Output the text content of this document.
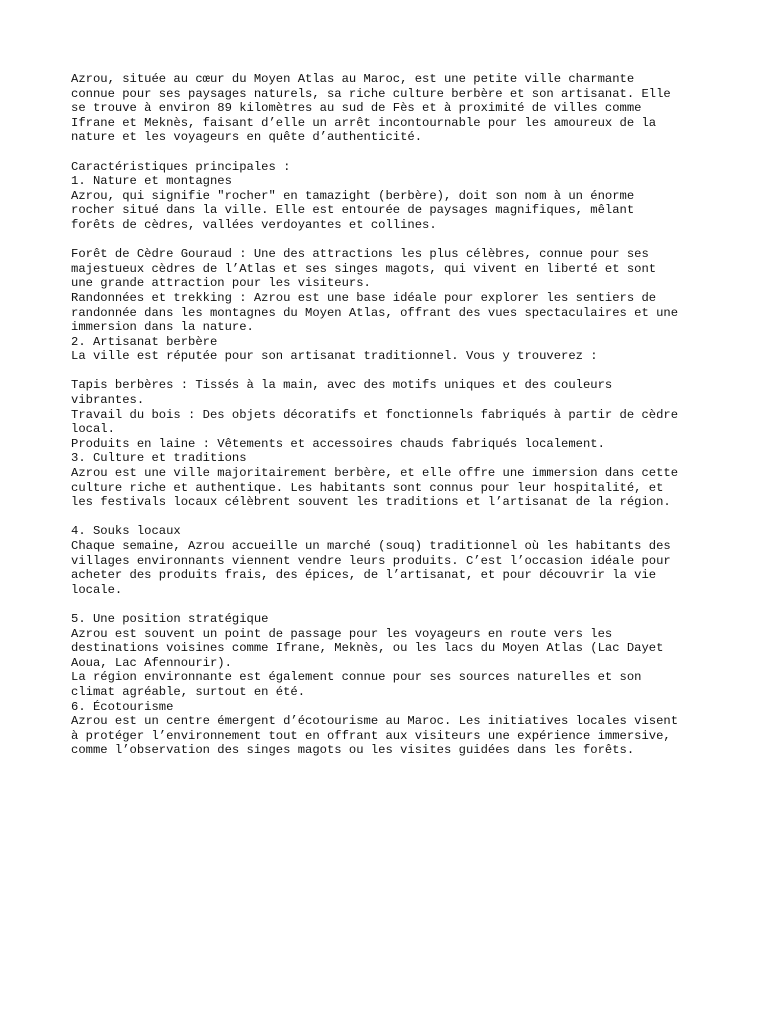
Azrou, située au cœur du Moyen Atlas au Maroc, est une petite ville charmante
connue pour ses paysages naturels, sa riche culture berbère et son artisanat. Elle
se trouve à environ 89 kilomètres au sud de Fès et à proximité de villes comme
Ifrane et Meknès, faisant d’elle un arrêt incontournable pour les amoureux de la
nature et les voyageurs en quête d’authenticité.
Caractéristiques principales :
1. Nature et montagnes
Azrou, qui signifie "rocher" en tamazight (berbère), doit son nom à un énorme
rocher situé dans la ville. Elle est entourée de paysages magnifiques, mêlant
forêts de cèdres, vallées verdoyantes et collines.
Forêt de Cèdre Gouraud : Une des attractions les plus célèbres, connue pour ses
majestueux cèdres de l’Atlas et ses singes magots, qui vivent en liberté et sont
une grande attraction pour les visiteurs.
Randonnées et trekking : Azrou est une base idéale pour explorer les sentiers de
randonnée dans les montagnes du Moyen Atlas, offrant des vues spectaculaires et une
immersion dans la nature.
2. Artisanat berbère
La ville est réputée pour son artisanat traditionnel. Vous y trouverez :
Tapis berbères : Tissés à la main, avec des motifs uniques et des couleurs
vibrantes.
Travail du bois : Des objets décoratifs et fonctionnels fabriqués à partir de cèdre
local.
Produits en laine : Vêtements et accessoires chauds fabriqués localement.
3. Culture et traditions
Azrou est une ville majoritairement berbère, et elle offre une immersion dans cette
culture riche et authentique. Les habitants sont connus pour leur hospitalité, et
les festivals locaux célèbrent souvent les traditions et l’artisanat de la région.
4. Souks locaux
Chaque semaine, Azrou accueille un marché (souq) traditionnel où les habitants des
villages environnants viennent vendre leurs produits. C’est l’occasion idéale pour
acheter des produits frais, des épices, de l’artisanat, et pour découvrir la vie
locale.
5. Une position stratégique
Azrou est souvent un point de passage pour les voyageurs en route vers les
destinations voisines comme Ifrane, Meknès, ou les lacs du Moyen Atlas (Lac Dayet
Aoua, Lac Afennourir).
La région environnante est également connue pour ses sources naturelles et son
climat agréable, surtout en été.
6. Écotourisme
Azrou est un centre émergent d’écotourisme au Maroc. Les initiatives locales visent
à protéger l’environnement tout en offrant aux visiteurs une expérience immersive,
comme l’observation des singes magots ou les visites guidées dans les forêts.
